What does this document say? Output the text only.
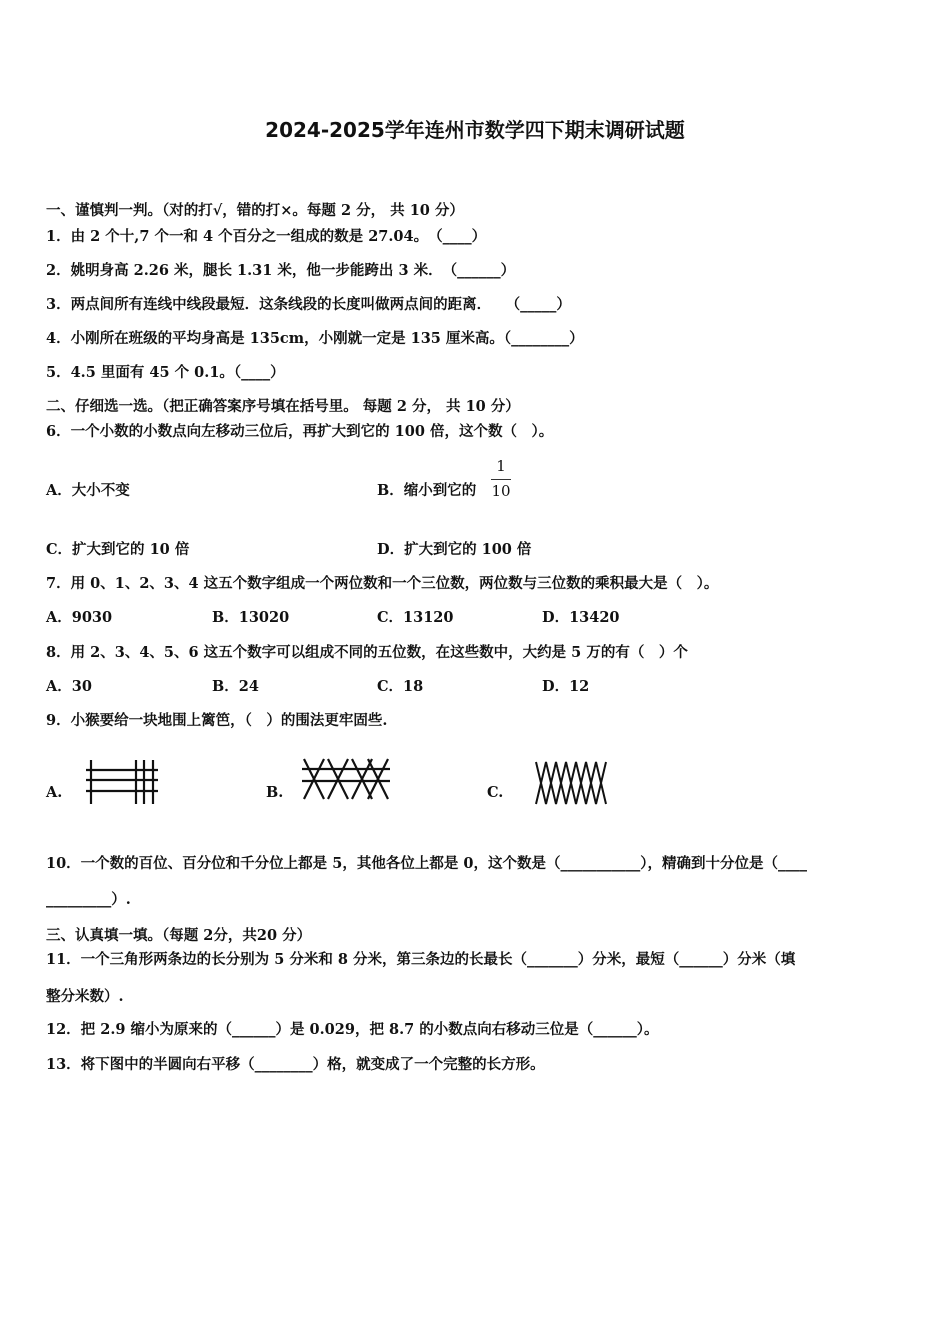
2024-2025学年连州市数学四下期末调研试题
一、谨慎判一判。（对的打√，错的打×。每题 2 分， 共 10 分）
1．由 2 个十,7 个一和 4 个百分之一组成的数是 27.04。　（____）
2．姚明身高 2.26 米，腿长 1.31 米，他一步能跨出 3 米．　（______）
3．两点间所有连线中线段最短．这条线段的长度叫做两点间的距离．　　（_____）
4．小刚所在班级的平均身高是 135cm，小刚就一定是 135 厘米高。（________）
5．4.5 里面有 45 个 0.1。（____）
二、仔细选一选。（把正确答案序号填在括号里。 每题 2 分， 共 10 分）
6．一个小数的小数点向左移动三位后，再扩大到它的 100 倍，这个数（　）。
A．大小不变	B．缩小到它的
1
10
C．扩大到它的 10 倍	D．扩大到它的 100 倍
7．用 0、1、2、3、4 这五个数字组成一个两位数和一个三位数，两位数与三位数的乘积最大是（　）。
A．9030	B．13020	C．13120	D．13420
8．用 2、3、4、5、6 这五个数字可以组成不同的五位数，在这些数中，大约是 5 万的有（　）个
A．30	B．24	C．18	D．12
9．小猴要给一块地围上篱笆，（　）的围法更牢固些.
A.	B.	C.
10．一个数的百位、百分位和千分位上都是 5，其他各位上都是 0，这个数是（___________），精确到十分位是（____
_________）.
三、认真填一填。（每题 2分，共20 分）
11．一个三角形两条边的长分别为 5 分米和 8 分米，第三条边的长最长（_______）分米，最短（______）分米（填
整分米数）.
12．把 2.9 缩小为原来的（______）是 0.029，把 8.7 的小数点向右移动三位是（______）。
13．将下图中的半圆向右平移（________）格，就变成了一个完整的长方形。
